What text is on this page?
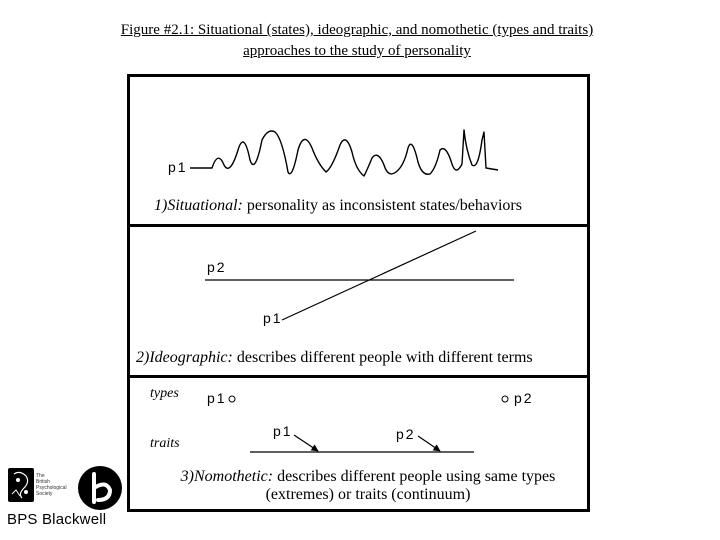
Figure #2.1: Situational (states), ideographic, and nomothetic (types and traits)
approaches to the study of personality
p1
1)Situational: personality as inconsistent states/behaviors
p2
p1
2)Ideographic: describes different people with different terms
types
traits
p1	p2
p1	p2
3)Nomothetic: describes different people using same types
(extremes) or traits (continuum)
The
British
Psychological
Society
BPS Blackwell
